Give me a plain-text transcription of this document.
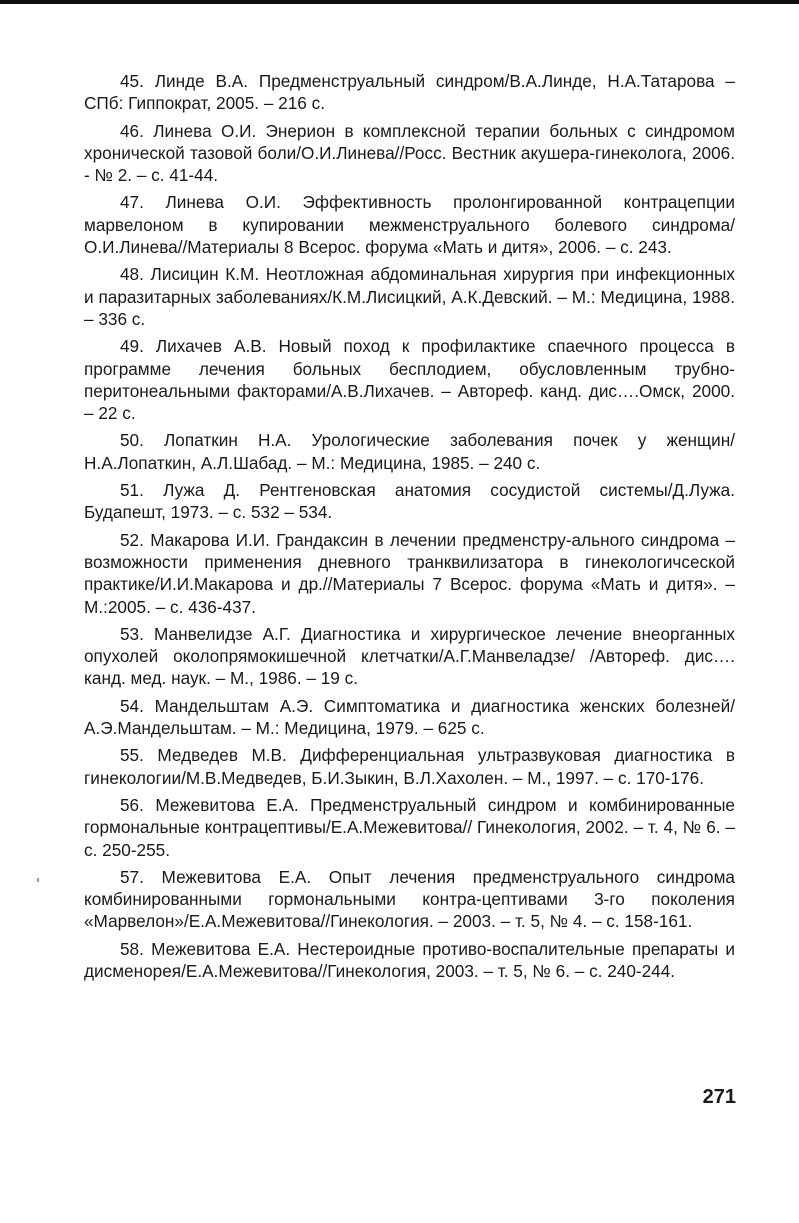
45. Линде В.А. Предменструальный синдром/В.А.Линде, Н.А.Татарова – СПб: Гиппократ, 2005. – 216 с.

46. Линева О.И. Энерион в комплексной терапии больных с синдромом хронической тазовой боли/О.И.Линева//Росс. Вестник акушера-гинеколога, 2006. - № 2. – с. 41-44.

47. Линева О.И. Эффективность пролонгированной контрацепции марвелоном в купировании межменструального болевого синдрома/ О.И.Линева//Материалы 8 Всерос. форума «Мать и дитя», 2006. – с. 243.

48. Лисицин К.М. Неотложная абдоминальная хирургия при инфекционных и паразитарных заболеваниях/К.М.Лисицкий, А.К.Девский. – М.: Медицина, 1988. – 336 с.

49. Лихачев А.В. Новый поход к профилактике спаечного процесса в программе лечения больных бесплодием, обусловленным трубно-перитонеальными факторами/А.В.Лихачев. – Автореф. канд. дис….Омск, 2000. – 22 с.

50. Лопаткин Н.А. Урологические заболевания почек у женщин/ Н.А.Лопаткин, А.Л.Шабад. – М.: Медицина, 1985. – 240 с.

51. Лужа Д. Рентгеновская анатомия сосудистой системы/Д.Лужа. Будапешт, 1973. – с. 532 – 534.

52. Макарова И.И. Грандаксин в лечении предменстру-ального синдрома – возможности применения дневного транквилизатора в гинекологичсеской практике/И.И.Макарова и др.//Материалы 7 Всерос. форума «Мать и дитя». – М.:2005. – с. 436-437.

53. Манвелидзе А.Г. Диагностика и хирургическое лечение внеорганных опухолей околопрямокишечной клетчатки/А.Г.Манвеладзе/ /Автореф. дис…. канд. мед. наук. – М., 1986. – 19 с.

54. Мандельштам А.Э. Симптоматика и диагностика женских болезней/А.Э.Мандельштам. – М.: Медицина, 1979. – 625 с.

55. Медведев М.В. Дифференциальная ультразвуковая диагностика в гинекологии/М.В.Медведев, Б.И.Зыкин, В.Л.Хахолен. – М., 1997. – с. 170-176.

56. Межевитова Е.А. Предменструальный синдром и комбинированные гормональные контрацептивы/Е.А.Межевитова// Гинекология, 2002. – т. 4, № 6. – с. 250-255.

57. Межевитова Е.А. Опыт лечения предменструального синдрома комбинированными гормональными контра-цептивами 3-го поколения «Марвелон»/Е.А.Межевитова//Гинекология. – 2003. – т. 5, № 4. – с. 158-161.

58. Межевитова Е.А. Нестероидные противо-воспалительные препараты и дисменорея/Е.А.Межевитова//Гинекология, 2003. – т. 5, № 6. – с. 240-244.

271
